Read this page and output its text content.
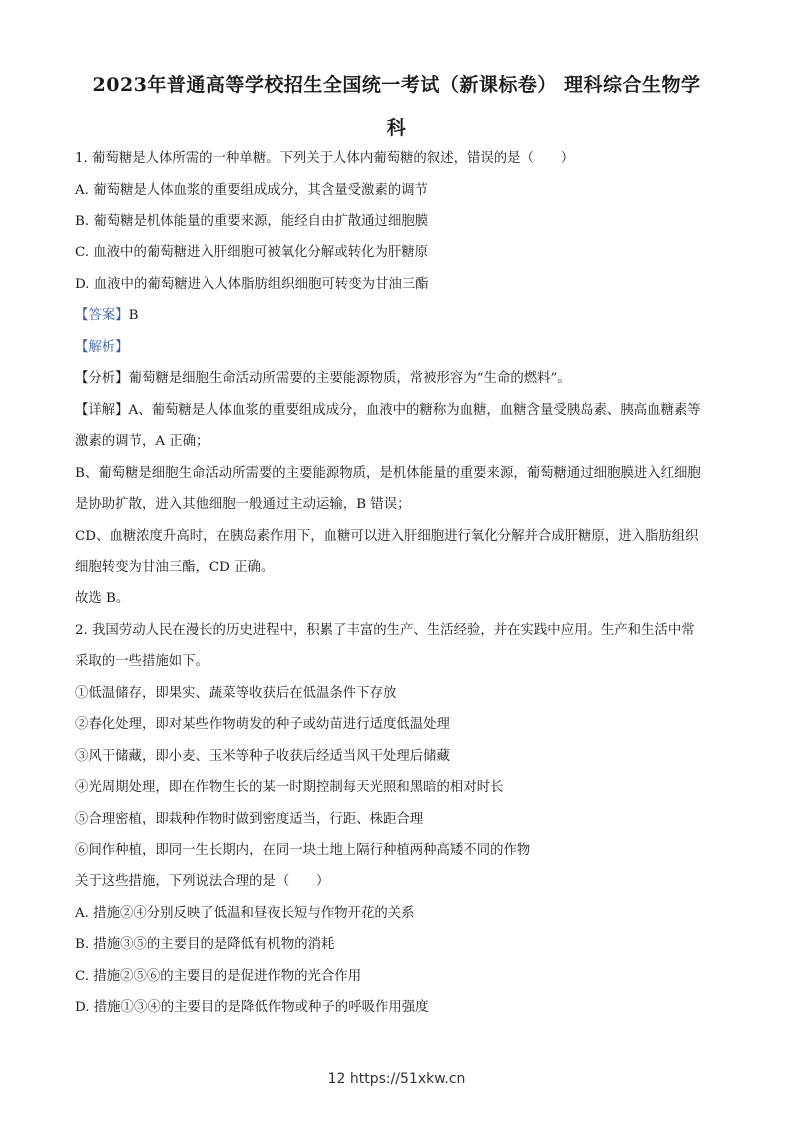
2023年普通高等学校招生全国统一考试（新课标卷） 理科综合生物学
科
1. 葡萄糖是人体所需的一种单糖。下列关于人体内葡萄糖的叙述，错误的是（　　）
A. 葡萄糖是人体血浆的重要组成成分，其含量受激素的调节
B. 葡萄糖是机体能量的重要来源，能经自由扩散通过细胞膜
C. 血液中的葡萄糖进入肝细胞可被氧化分解或转化为肝糖原
D. 血液中的葡萄糖进入人体脂肪组织细胞可转变为甘油三酯
【答案】B
【解析】
【分析】葡萄糖是细胞生命活动所需要的主要能源物质，常被形容为“生命的燃料”。
【详解】A、葡萄糖是人体血浆的重要组成成分，血液中的糖称为血糖，血糖含量受胰岛素、胰高血糖素等
激素的调节，A 正确；
B、葡萄糖是细胞生命活动所需要的主要能源物质，是机体能量的重要来源，葡萄糖通过细胞膜进入红细胞
是协助扩散，进入其他细胞一般通过主动运输，B 错误；
CD、血糖浓度升高时，在胰岛素作用下，血糖可以进入肝细胞进行氧化分解并合成肝糖原，进入脂肪组织
细胞转变为甘油三酯，CD 正确。
故选 B。
2. 我国劳动人民在漫长的历史进程中，积累了丰富的生产、生活经验，并在实践中应用。生产和生活中常
采取的一些措施如下。
①低温储存，即果实、蔬菜等收获后在低温条件下存放
②春化处理，即对某些作物萌发的种子或幼苗进行适度低温处理
③风干储藏，即小麦、玉米等种子收获后经适当风干处理后储藏
④光周期处理，即在作物生长的某一时期控制每天光照和黑暗的相对时长
⑤合理密植，即栽种作物时做到密度适当，行距、株距合理
⑥间作种植，即同一生长期内，在同一块土地上隔行种植两种高矮不同的作物
关于这些措施，下列说法合理的是（　　）
A. 措施②④分别反映了低温和昼夜长短与作物开花的关系
B. 措施③⑤的主要目的是降低有机物的消耗
C. 措施②⑤⑥的主要目的是促进作物的光合作用
D. 措施①③④的主要目的是降低作物或种子的呼吸作用强度
12 https://51xkw.cn
